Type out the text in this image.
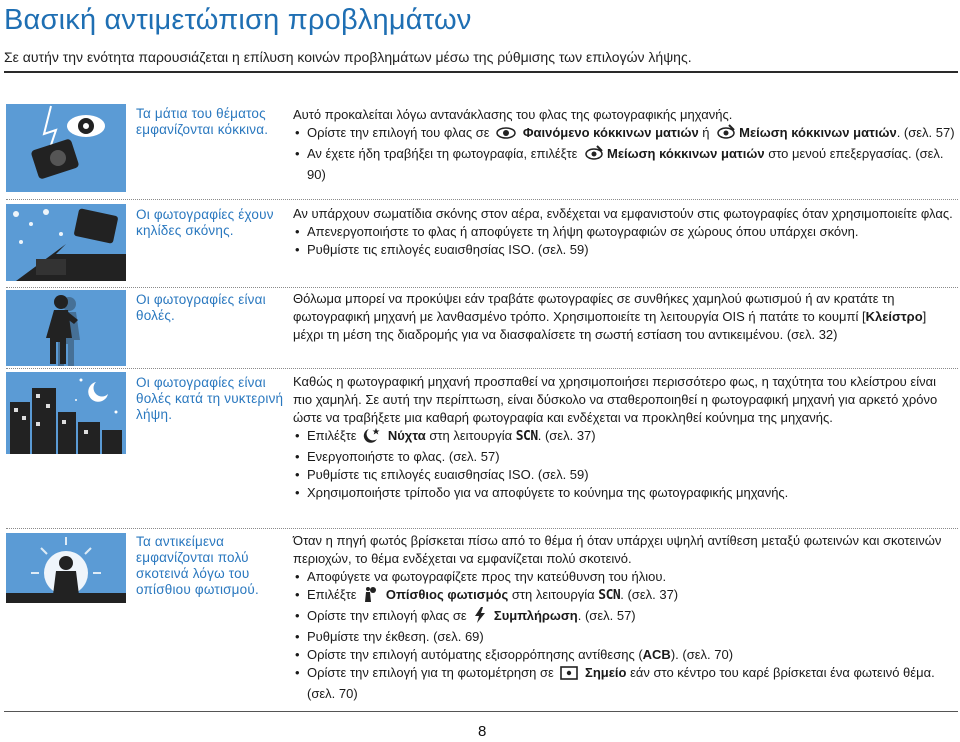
Βασική αντιμετώπιση προβλημάτων
Σε αυτήν την ενότητα παρουσιάζεται η επίλυση κοινών προβλημάτων μέσω της ρύθμισης των επιλογών λήψης.
Τα μάτια του θέματος εμφανίζονται κόκκινα.

Αυτό προκαλείται λόγω αντανάκλασης του φλας της φωτογραφικής μηχανής.

• Ορίστε την επιλογή του φλας σε	Φαινόμενο κόκκινων ματιών ή Μείωση κόκκινων ματιών. (σελ. 57)
• Αν έχετε ήδη τραβήξει τη φωτογραφία, επιλέξτε Μείωση κόκκινων ματιών στο μενού επεξεργασίας. (σελ. 90)
Οι φωτογραφίες έχουν κηλίδες σκόνης.

Αν υπάρχουν σωματίδια σκόνης στον αέρα, ενδέχεται να εμφανιστούν στις φωτογραφίες όταν χρησιμοποιείτε φλας.

• Απενεργοποιήστε το φλας ή αποφύγετε τη λήψη φωτογραφιών σε χώρους όπου υπάρχει σκόνη.
• Ρυθμίστε τις επιλογές ευαισθησίας ISO. (σελ. 59)
Οι φωτογραφίες είναι θολές.

Θόλωμα μπορεί να προκύψει εάν τραβάτε φωτογραφίες σε συνθήκες χαμηλού φωτισμού ή αν κρατάτε τη φωτογραφική μηχανή με λανθασμένο τρόπο. Χρησιμοποιείτε τη λειτουργία OIS ή πατάτε το κουμπί [Κλείστρο] μέχρι τη μέση της διαδρομής για να διασφαλίσετε τη σωστή εστίαση του αντικειμένου. (σελ. 32)

Οι φωτογραφίες είναι θολές κατά τη νυκτερινή λήψη.

Καθώς η φωτογραφική μηχανή προσπαθεί να χρησιμοποιήσει περισσότερο φως, η ταχύτητα του κλείστρου είναι πιο χαμηλή. Σε αυτή την περίπτωση, είναι δύσκολο να σταθεροποιηθεί η φωτογραφική μηχανή για αρκετό χρόνο ώστε να τραβήξετε μια καθαρή φωτογραφία και ενδέχεται να προκληθεί κούνημα της μηχανής.

• Επιλέξτε Νύχτα στη λειτουργία SCN. (σελ. 37)
• Ενεργοποιήστε το φλας. (σελ. 57)
• Ρυθμίστε τις επιλογές ευαισθησίας ISO. (σελ. 59)
• Χρησιμοποιήστε τρίποδο για να αποφύγετε το κούνημα της φωτογραφικής μηχανής.
Τα αντικείμενα εμφανίζονται πολύ σκοτεινά λόγω του οπίσθιου φωτισμού.

Όταν η πηγή φωτός βρίσκεται πίσω από το θέμα ή όταν υπάρχει υψηλή αντίθεση μεταξύ φωτεινών και σκοτεινών περιοχών, το θέμα ενδέχεται να εμφανίζεται πολύ σκοτεινό.

• Αποφύγετε να φωτογραφίζετε προς την κατεύθυνση του ήλιου.
• Επιλέξτε Οπίσθιος φωτισμός στη λειτουργία SCN. (σελ. 37)
• Ορίστε την επιλογή φλας σε Συμπλήρωση. (σελ. 57)
• Ρυθμίστε την έκθεση. (σελ. 69)
• Ορίστε την επιλογή αυτόματης εξισορρόπησης αντίθεσης (ACB). (σελ. 70)
• Ορίστε την επιλογή για τη φωτομέτρηση σε Σημείο εάν στο κέντρο του καρέ βρίσκεται ένα φωτεινό θέμα. (σελ. 70)
8
